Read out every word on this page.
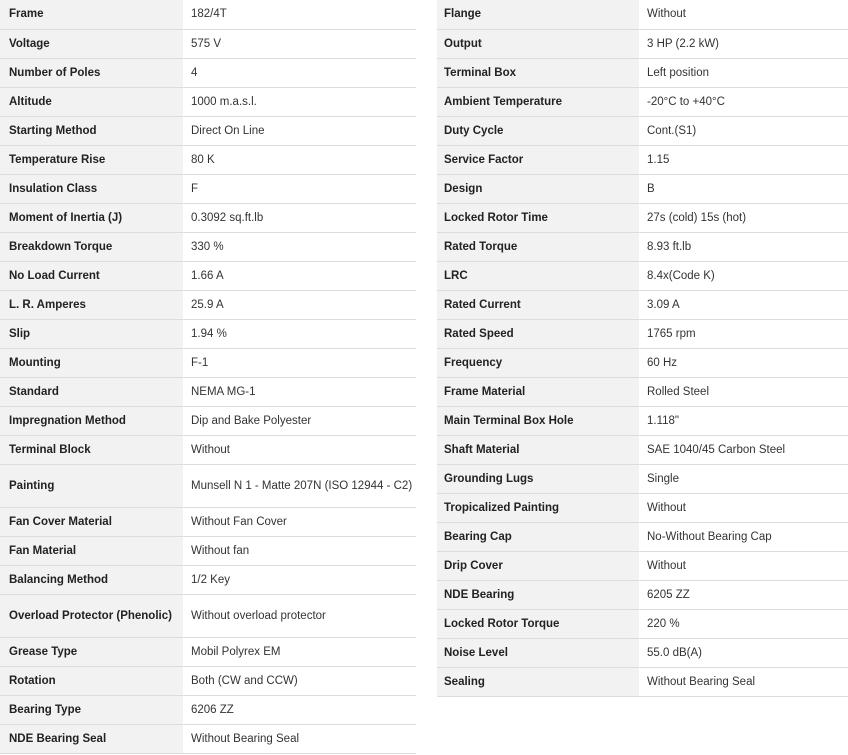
Frame	182/4T
Voltage	575 V
Number of Poles	4
Altitude	1000 m.a.s.l.
Starting Method	Direct On Line
Temperature Rise	80 K
Insulation Class	F
Moment of Inertia (J)	0.3092 sq.ft.lb
Breakdown Torque	330 %
No Load Current	1.66 A
L. R. Amperes	25.9 A
Slip	1.94 %
Mounting	F-1
Standard	NEMA MG-1
Impregnation Method	Dip and Bake Polyester
Terminal Block	Without
Painting	Munsell N 1 - Matte 207N (ISO 12944 - C2)
Fan Cover Material	Without Fan Cover
Fan Material	Without fan
Balancing Method	1/2 Key
Overload Protector (Phenolic)	Without overload protector
Grease Type	Mobil Polyrex EM
Rotation	Both (CW and CCW)
Bearing Type	6206 ZZ
NDE Bearing Seal	Without Bearing Seal
Flange	Without
Output	3 HP (2.2 kW)
Terminal Box	Left position
Ambient Temperature	-20°C to +40°C
Duty Cycle	Cont.(S1)
Service Factor	1.15
Design	B
Locked Rotor Time	27s (cold) 15s (hot)
Rated Torque	8.93 ft.lb
LRC	8.4x(Code K)
Rated Current	3.09 A
Rated Speed	1765 rpm
Frequency	60 Hz
Frame Material	Rolled Steel
Main Terminal Box Hole	1.118"
Shaft Material	SAE 1040/45 Carbon Steel
Grounding Lugs	Single
Tropicalized Painting	Without
Bearing Cap	No-Without Bearing Cap
Drip Cover	Without
NDE Bearing	6205 ZZ
Locked Rotor Torque	220 %
Noise Level	55.0 dB(A)
Sealing	Without Bearing Seal
